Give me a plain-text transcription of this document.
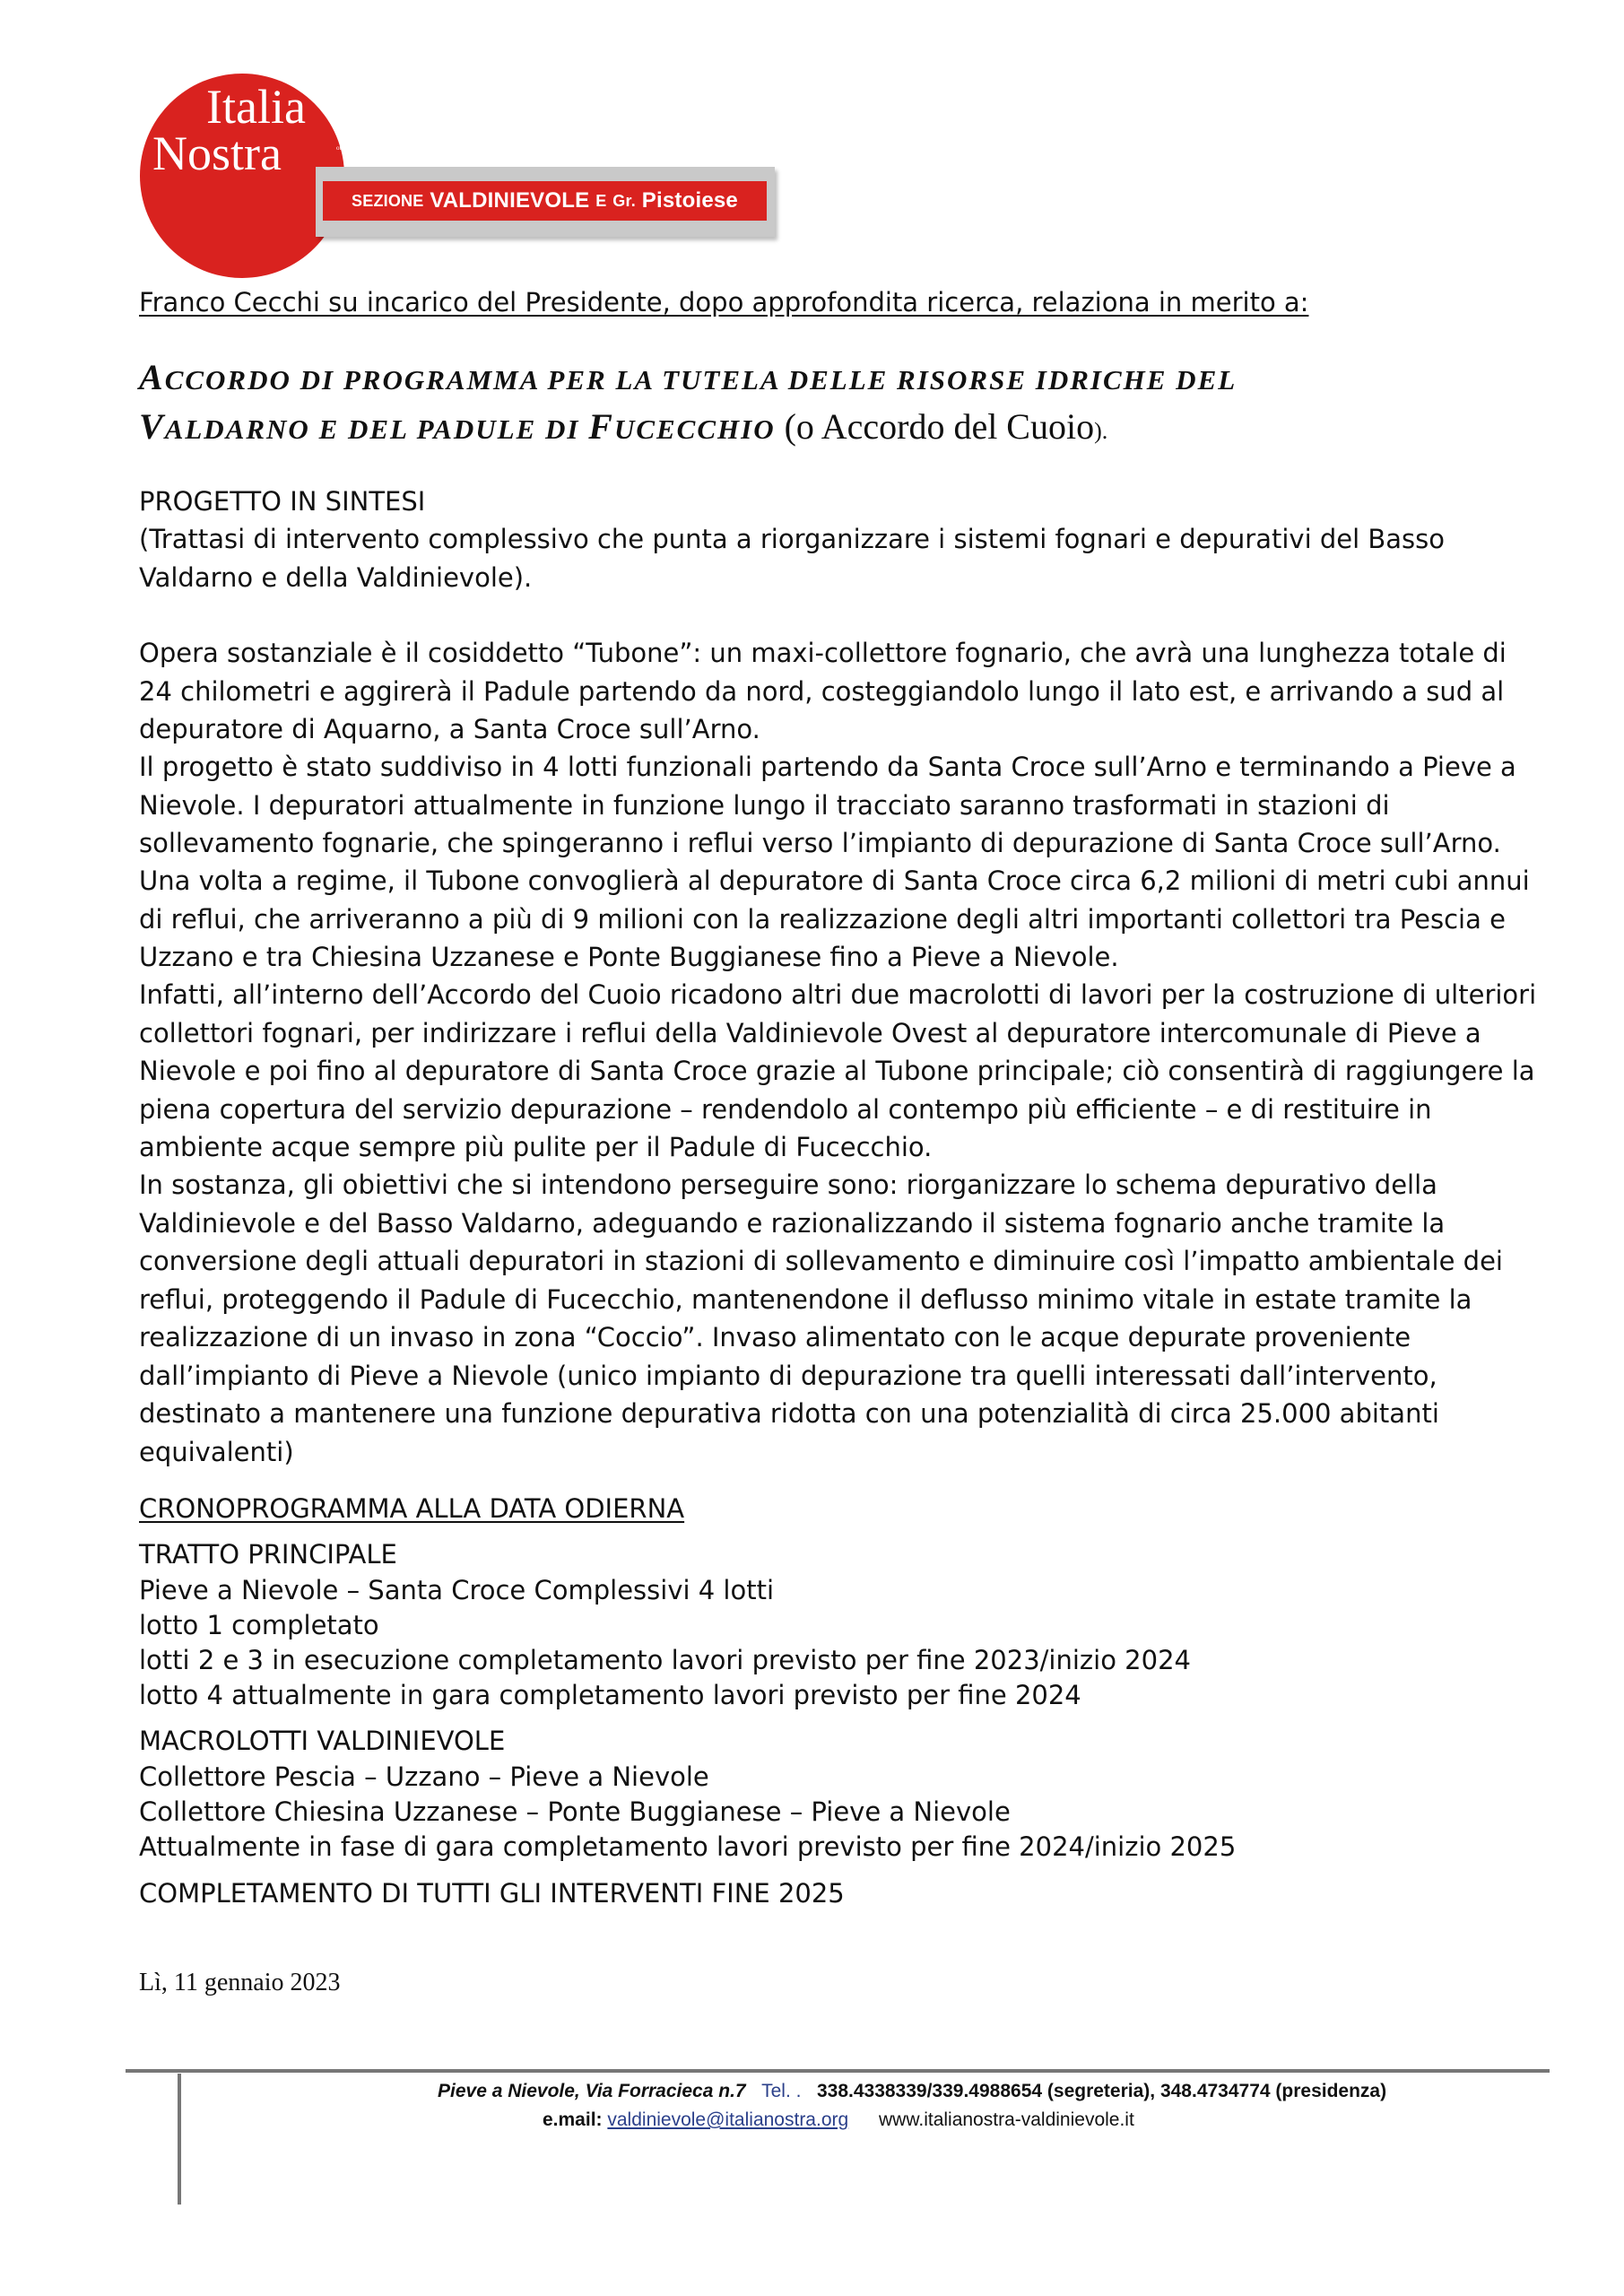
Italia
Nostra	onlus
SEZIONE
VALDINIEVOLE
E
Gr.
Pistoiese
Franco Cecchi su incarico del Presidente, dopo approfondita ricerca, relaziona in merito a:
ACCORDO DI PROGRAMMA PER LA TUTELA DELLE RISORSE IDRICHE DEL
VALDARNO E DEL PADULE DI FUCECCHIO (o Accordo del Cuoio).
PROGETTO IN SINTESI
(Trattasi di intervento complessivo che punta a riorganizzare i sistemi fognari e depurativi del Basso Valdarno e della Valdinievole).
Opera sostanziale è il cosiddetto “Tubone”: un maxi-collettore fognario, che avrà una lunghezza totale di 24 chilometri e aggirerà il Padule partendo da nord, costeggiandolo lungo il lato est, e arrivando a sud al depuratore di Aquarno, a Santa Croce sull’Arno.
Il progetto è stato suddiviso in 4 lotti funzionali partendo da Santa Croce sull’Arno e terminando a Pieve a Nievole. I depuratori attualmente in funzione lungo il tracciato saranno trasformati in stazioni di sollevamento fognarie, che spingeranno i reflui verso l’impianto di depurazione di Santa Croce sull’Arno.
Una volta a regime, il Tubone convoglierà al depuratore di Santa Croce circa 6,2 milioni di metri cubi annui di reflui, che arriveranno a più di 9 milioni con la realizzazione degli altri importanti collettori tra Pescia e Uzzano e tra Chiesina Uzzanese e Ponte Buggianese fino a Pieve a Nievole.
Infatti, all’interno dell’Accordo del Cuoio ricadono altri due macrolotti di lavori per la costruzione di ulteriori collettori fognari, per indirizzare i reflui della Valdinievole Ovest al depuratore intercomunale di Pieve a Nievole e poi fino al depuratore di Santa Croce grazie al Tubone principale; ciò consentirà di raggiungere la piena copertura del servizio depurazione – rendendolo al contempo più efficiente – e di restituire in ambiente acque sempre più pulite per il Padule di Fucecchio.
In sostanza, gli obiettivi che si intendono perseguire sono: riorganizzare lo schema depurativo della Valdinievole e del Basso Valdarno, adeguando e razionalizzando il sistema fognario anche tramite la conversione degli attuali depuratori in stazioni di sollevamento e diminuire così l’impatto ambientale dei reflui, proteggendo il Padule di Fucecchio, mantenendone il deflusso minimo vitale in estate tramite la realizzazione di un invaso in zona “Coccio”. Invaso alimentato con le acque depurate proveniente dall’impianto di Pieve a Nievole (unico impianto di depurazione tra quelli interessati dall’intervento, destinato a mantenere una funzione depurativa ridotta con una potenzialità di circa 25.000 abitanti equivalenti)
CRONOPROGRAMMA ALLA DATA ODIERNA
TRATTO PRINCIPALE
Pieve a Nievole – Santa Croce Complessivi 4 lotti
lotto 1 completato
lotti 2 e 3 in esecuzione completamento lavori previsto per fine 2023/inizio 2024
lotto 4 attualmente in gara completamento lavori previsto per fine 2024
MACROLOTTI VALDINIEVOLE
Collettore Pescia – Uzzano – Pieve a Nievole
Collettore Chiesina Uzzanese – Ponte Buggianese – Pieve a Nievole
Attualmente in fase di gara completamento lavori previsto per fine 2024/inizio 2025
COMPLETAMENTO DI TUTTI GLI INTERVENTI FINE 2025
Lì, 11 gennaio 2023
Pieve a Nievole, Via Forracieca n.7 Tel. . 338.4338339/339.4988654 (segreteria), 348.4734774 (presidenza)
e.mail: valdinievole@italianostra.org www.italianostra-valdinievole.it
